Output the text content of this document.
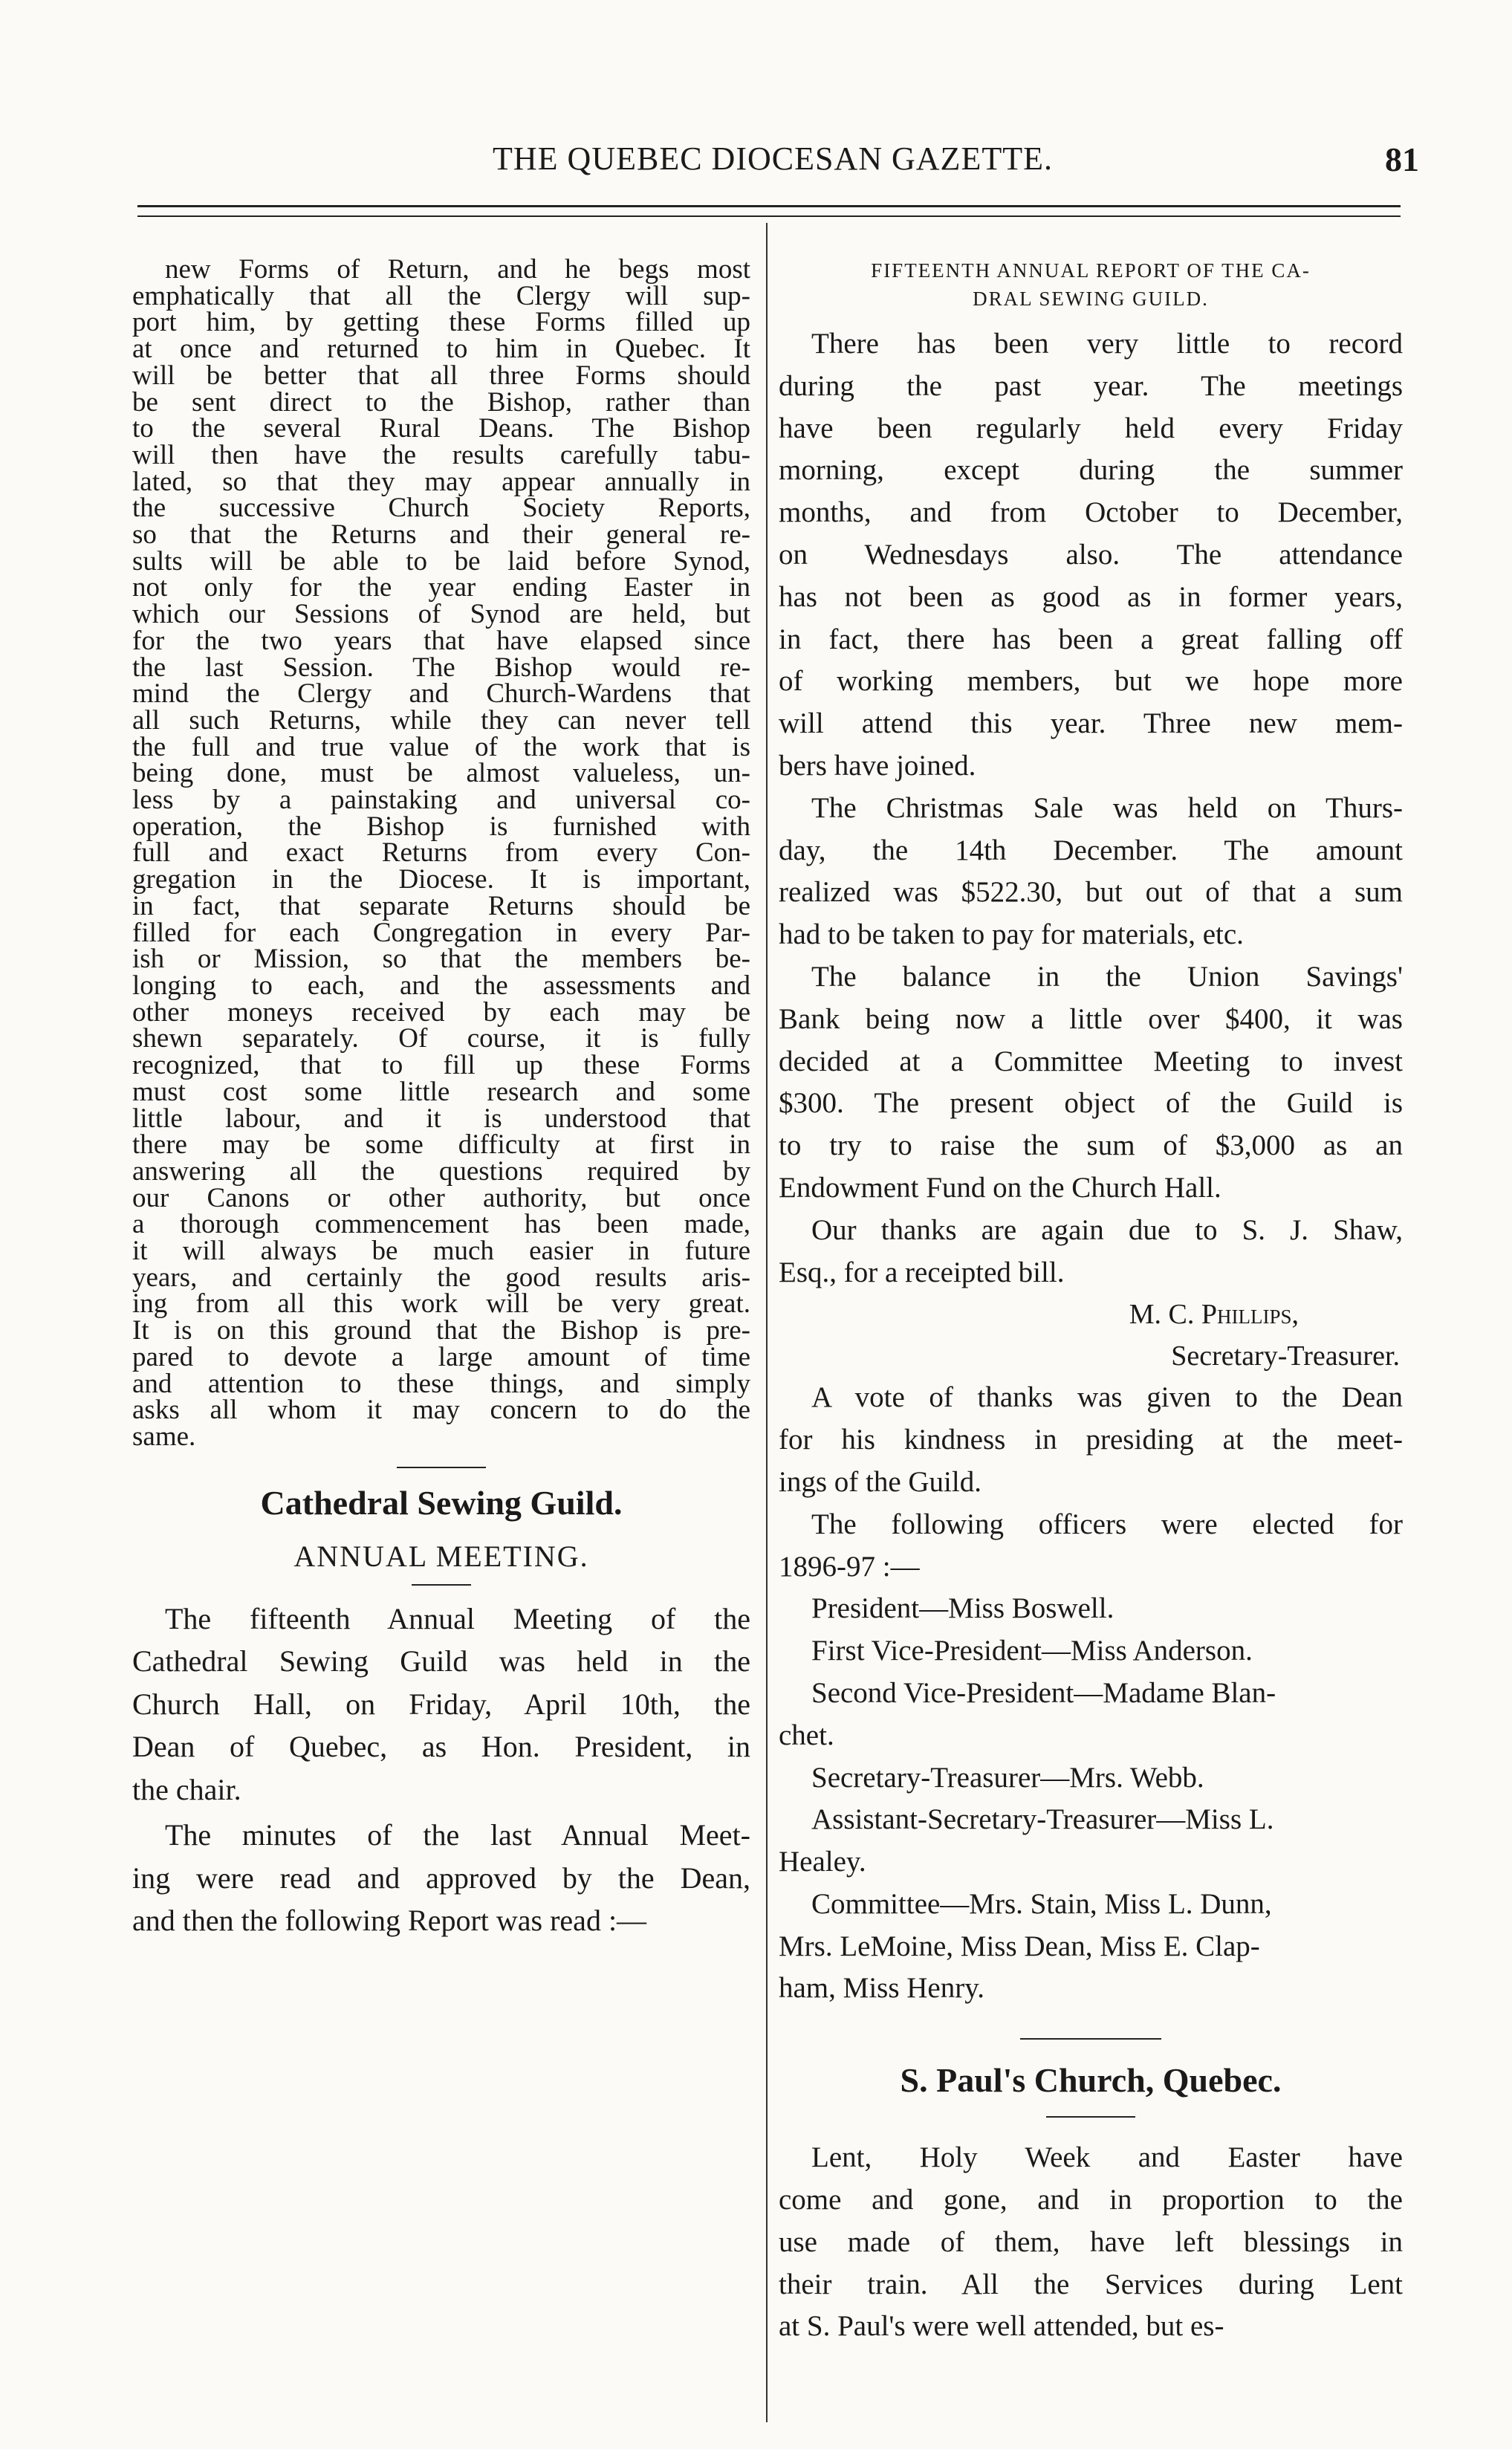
THE QUEBEC DIOCESAN GAZETTE.	81
new Forms of Return, and he begs most
emphatically that all the Clergy will sup-
port him, by getting these Forms filled up
at once and returned to him in Quebec. It
will be better that all three Forms should
be sent direct to the Bishop, rather than
to the several Rural Deans. The Bishop
will then have the results carefully tabu-
lated, so that they may appear annually in
the successive Church Society Reports,
so that the Returns and their general re-
sults will be able to be laid before Synod,
not only for the year ending Easter in
which our Sessions of Synod are held, but
for the two years that have elapsed since
the last Session. The Bishop would re-
mind the Clergy and Church-Wardens that
all such Returns, while they can never tell
the full and true value of the work that is
being done, must be almost valueless, un-
less by a painstaking and universal co-
operation, the Bishop is furnished with
full and exact Returns from every Con-
gregation in the Diocese. It is important,
in fact, that separate Returns should be
filled for each Congregation in every Par-
ish or Mission, so that the members be-
longing to each, and the assessments and
other moneys received by each may be
shewn separately. Of course, it is fully
recognized, that to fill up these Forms
must cost some little research and some
little labour, and it is understood that
there may be some difficulty at first in
answering all the questions required by
our Canons or other authority, but once
a thorough commencement has been made,
it will always be much easier in future
years, and certainly the good results aris-
ing from all this work will be very great.
It is on this ground that the Bishop is pre-
pared to devote a large amount of time
and attention to these things, and simply
asks all whom it may concern to do the
same.
Cathedral Sewing Guild.
ANNUAL MEETING.
The fifteenth Annual Meeting of the
Cathedral Sewing Guild was held in the
Church Hall, on Friday, April 10th, the
Dean of Quebec, as Hon. President, in
the chair.
The minutes of the last Annual Meet-
ing were read and approved by the Dean,
and then the following Report was read :—
FIFTEENTH ANNUAL REPORT OF THE CA-
DRAL SEWING GUILD.
There has been very little to record
during the past year. The meetings
have been regularly held every Friday
morning, except during the summer
months, and from October to December,
on Wednesdays also. The attendance
has not been as good as in former years,
in fact, there has been a great falling off
of working members, but we hope more
will attend this year. Three new mem-
bers have joined.
The Christmas Sale was held on Thurs-
day, the 14th December. The amount
realized was $522.30, but out of that a sum
had to be taken to pay for materials, etc.
The balance in the Union Savings'
Bank being now a little over $400, it was
decided at a Committee Meeting to invest
$300. The present object of the Guild is
to try to raise the sum of $3,000 as an
Endowment Fund on the Church Hall.
Our thanks are again due to S. J. Shaw,
Esq., for a receipted bill.
M. C. Phillips,
Secretary-Treasurer.
A vote of thanks was given to the Dean
for his kindness in presiding at the meet-
ings of the Guild.
The following officers were elected for
1896-97 :—
President—Miss Boswell.
First Vice-President—Miss Anderson.
Second Vice-President—Madame Blan-
chet.
Secretary-Treasurer—Mrs. Webb.
Assistant-Secretary-Treasurer—Miss L.
Healey.
Committee—Mrs. Stain, Miss L. Dunn,
Mrs. LeMoine, Miss Dean, Miss E. Clap-
ham, Miss Henry.
S. Paul's Church, Quebec.
Lent, Holy Week and Easter have
come and gone, and in proportion to the
use made of them, have left blessings in
their train. All the Services during Lent
at S. Paul's were well attended, but es-
